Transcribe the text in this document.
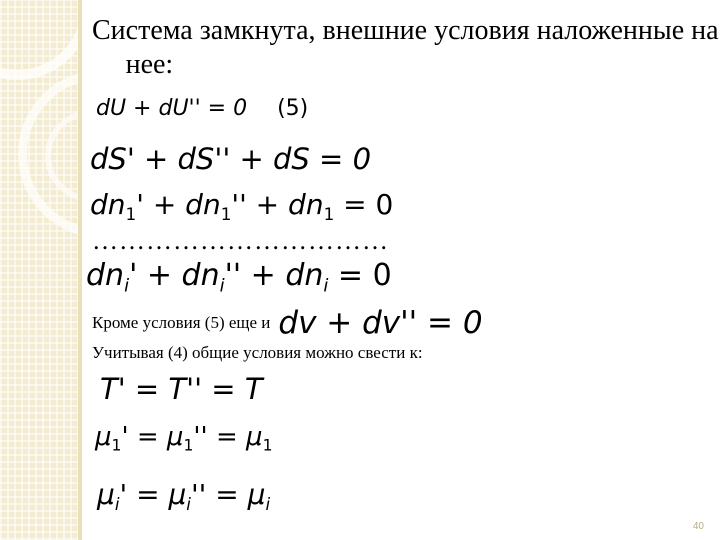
Система замкнута, внешние условия наложенные на нее:
dU + dU'' = 0 (5)
dS' + dS'' + dS = 0
$dn_1' + dn_1'' + dn_1 = 0$
……………………………
$dn_i' + dn_i'' + dn_i = 0$
Кроме условия (5) еще и dv + dv'' = 0
Учитывая (4) общие условия можно свести к:
T' = T'' = T
$\mu_1' = \mu_1'' = \mu_1$
$\mu_i' = \mu_i'' = \mu_i$
40
